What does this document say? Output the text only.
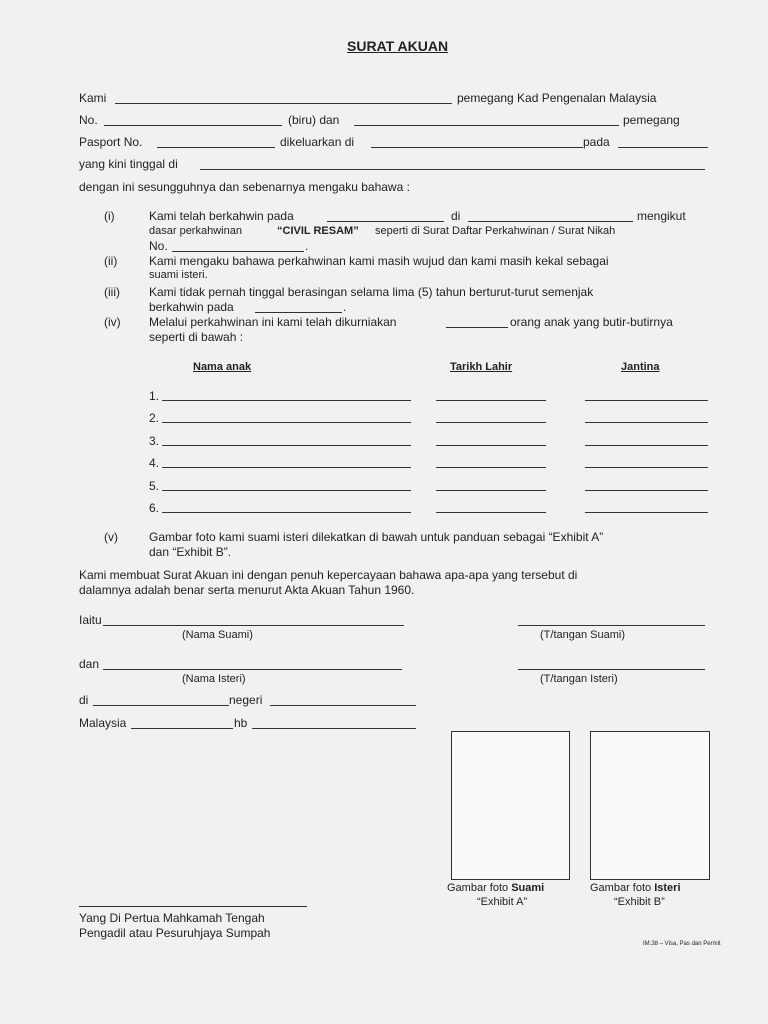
SURAT AKUAN
Kami	pemegang Kad Pengenalan Malaysia
No.	(biru) dan	pemegang
Pasport No.	dikeluarkan di	pada
yang kini tinggal di
dengan ini sesungguhnya dan sebenarnya mengaku bahawa :
(i)	Kami telah berkahwin pada	di	mengikut
dasar perkahwinan	“CIVIL RESAM” seperti di Surat Daftar Perkahwinan / Surat Nikah
No.	.
(ii)	Kami mengaku bahawa perkahwinan kami masih wujud dan kami masih kekal sebagai
suami isteri.
(iii) Kami tidak pernah tinggal berasingan selama lima (5) tahun berturut-turut semenjak
berkahwin pada	.
(iv) Melalui perkahwinan ini kami telah dikurniakan	orang anak yang butir-butirnya
seperti di bawah :
Nama anak	Tarikh Lahir	Jantina
1.
2.
3.
4.
5.
6.
(v)	Gambar foto kami suami isteri dilekatkan di bawah untuk panduan sebagai “Exhibit A”
dan “Exhibit B”.
Kami membuat Surat Akuan ini dengan penuh kepercayaan bahawa apa-apa yang tersebut di
dalamnya adalah benar serta menurut Akta Akuan Tahun 1960.
Iaitu
(Nama Suami)	(T/tangan Suami)
dan
(Nama Isteri)	(T/tangan Isteri)
di	negeri
Malaysia	hb
Gambar foto Suami
“Exhibit A”
Gambar foto Isteri
“Exhibit B”
Yang Di Pertua Mahkamah Tengah
Pengadil atau Pesuruhjaya Sumpah
IM.38 – Visa, Pas dan Permit
